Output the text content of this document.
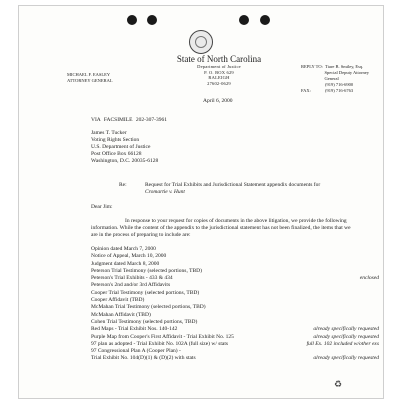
State of North Carolina
Department of Justice
P. O. BOX 629
RALEIGH
27602-0629
MICHAEL F. EASLEY
ATTORNEY GENERAL
REPLY TO: Tiare B. Smiley, Esq.
Special Deputy Attorney General
(919) 716-6900
FAX:	(919) 716-6763
April 6, 2000
VIA FACSIMILE 202-307-3961
James T. Tucker
Voting Rights Section
U.S. Department of Justice
Post Office Box 66128
Washington, D.C. 20035-6128
Re:	Request for Trial Exhibits and Jurisdictional Statement appendix documents for
Cromartie v. Hunt
Dear Jim:
In response to your request for copies of documents in the above litigation, we provide the following information. While the content of the appendix to the jurisdictional statement has not been finalized, the items that we are in the process of preparing to include are:
Opinion dated March 7, 2000
Notice of Appeal, March 10, 2000
Judgment dated March 8, 2000
Peterson Trial Testimony (selected portions, TBD)
Peterson's Trial Exhibits - 433 & 434	enclosed
Peterson's 2nd and/or 3rd Affidavits
Cooper Trial Testimony (selected portions, TBD)
Cooper Affidavit (TBD)
McMahan Trial Testimony (selected portions, TBD)
McMahan Affidavit (TBD)
Cohen Trial Testimony (selected portions, TBD)
Red Maps - Trial Exhibit Nos. 140-142	already specifically requested
Purple Map from Cooper's First Affidavit - Trial Exhibit No. 125	already specifically requested
97 plan as adopted - Trial Exhibit No. 102A (full size) w/ stats	full Ex. 102 included w/other exs
97 Congressional Plan A (Cooper Plan) -
Trial Exhibit No. 104(D)(1) & (D)(2) with stats	already specifically requested
♻
